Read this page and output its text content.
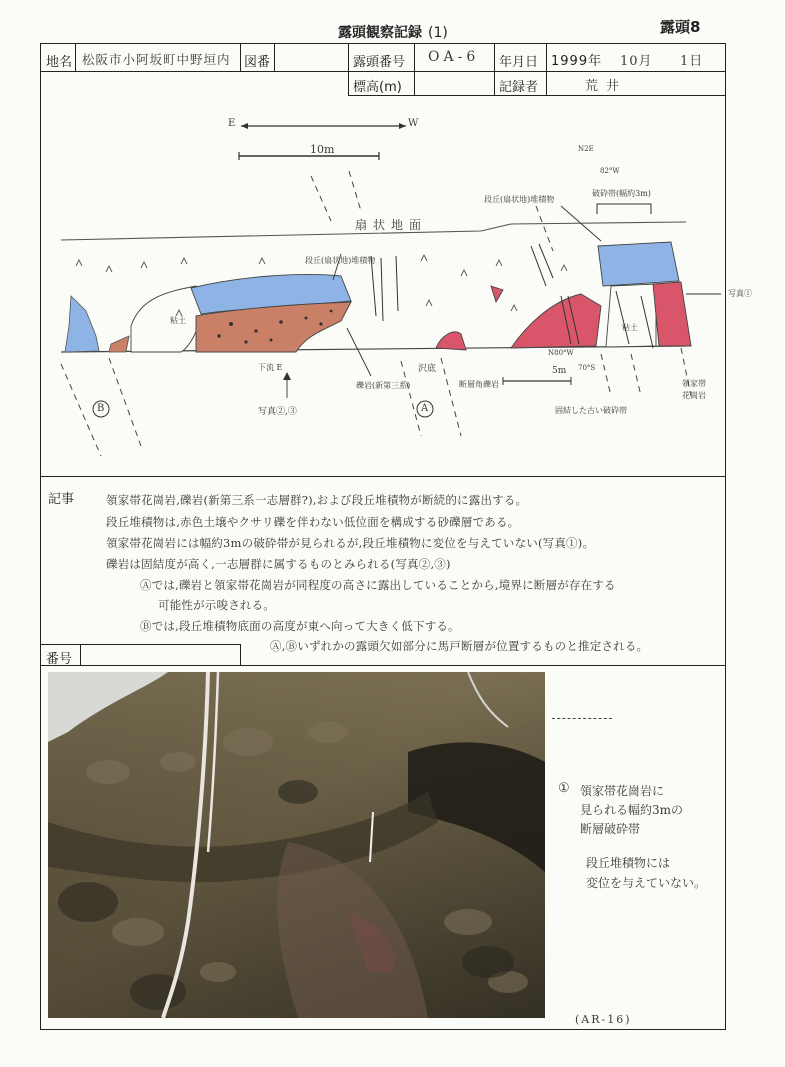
露頭観察記録 (1)	露頭8
地名 松阪市小阿坂町中野垣内 図番	露頭番号 OA-6 年月日 1999年 10月 1日
標高(m)	記録者	荒井
E	W
10m
扇状地面
段丘(扇状地)堆積物
段丘(扇状地)堆積物
破砕帯(幅約3m)
N2E
82°W
粘土
粘土
写真①
下流 E	沢底
礫岩(新第三系)	断層角礫岩
5m
N80°W
70°S
固結した古い破砕帯
領家帯
花崗岩
写真②,③	A
B
記事	領家帯花崗岩,礫岩(新第三系一志層群?),および段丘堆積物が断続的に露出する。
段丘堆積物は,赤色土壌やクサリ礫を伴わない低位面を構成する砂礫層である。
領家帯花崗岩には幅約3mの破砕帯が見られるが,段丘堆積物に変位を与えていない(写真①)。
礫岩は固結度が高く,一志層群に属するものとみられる(写真②,③)
Ⓐでは,礫岩と領家帯花崗岩が同程度の高さに露出していることから,境界に断層が存在する
可能性が示唆される。
Ⓑでは,段丘堆積物底面の高度が東へ向って大きく低下する。
Ⓐ,Ⓑいずれかの露頭欠如部分に馬戸断層が位置するものと推定される。
番号
① 領家帯花崗岩に
見られる幅約3mの
断層破砕帯
段丘堆積物には
変位を与えていない。
(AR-16)
